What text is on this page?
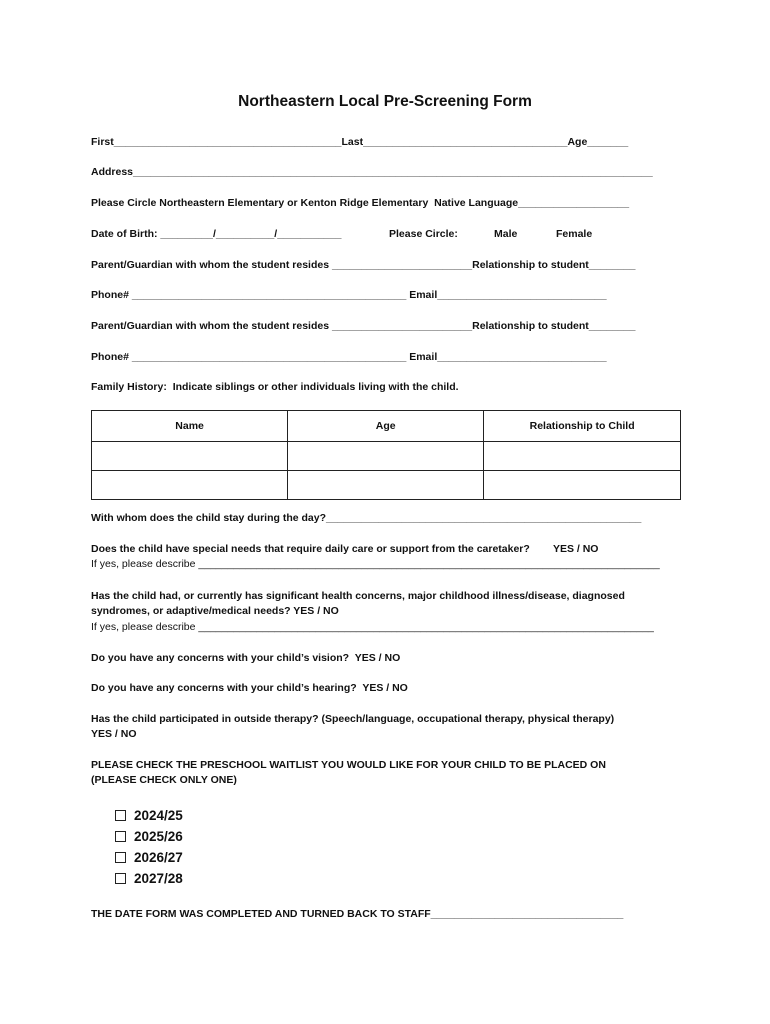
Northeastern Local Pre-Screening Form
First_______________________________________Last___________________________________Age_______
Address_________________________________________________________________________________________
Please Circle Northeastern Elementary or Kenton Ridge Elementary  Native Language___________________
Date of Birth: _________/__________/___________	Please Circle:	Male	Female
Parent/Guardian with whom the student resides ________________________Relationship to student________
Phone# _______________________________________________ Email_____________________________
Parent/Guardian with whom the student resides ________________________Relationship to student________
Phone# _______________________________________________ Email_____________________________
Family History:  Indicate siblings or other individuals living with the child.
Name	Age	Relationship to Child

With whom does the child stay during the day?______________________________________________________
Does the child have special needs that require daily care or support from the caretaker?        YES / NO
If yes, please describe _______________________________________________________________________________
Has the child had, or currently has significant health concerns, major childhood illness/disease, diagnosed
syndromes, or adaptive/medical needs? YES / NO
If yes, please describe ______________________________________________________________________________
Do you have any concerns with your child’s vision?  YES / NO
Do you have any concerns with your child’s hearing?  YES / NO
Has the child participated in outside therapy? (Speech/language, occupational therapy, physical therapy)
YES / NO
PLEASE CHECK THE PRESCHOOL WAITLIST YOU WOULD LIKE FOR YOUR CHILD TO BE PLACED ON
(PLEASE CHECK ONLY ONE)
2024/25
2025/26
2026/27
2027/28
THE DATE FORM WAS COMPLETED AND TURNED BACK TO STAFF_________________________________
